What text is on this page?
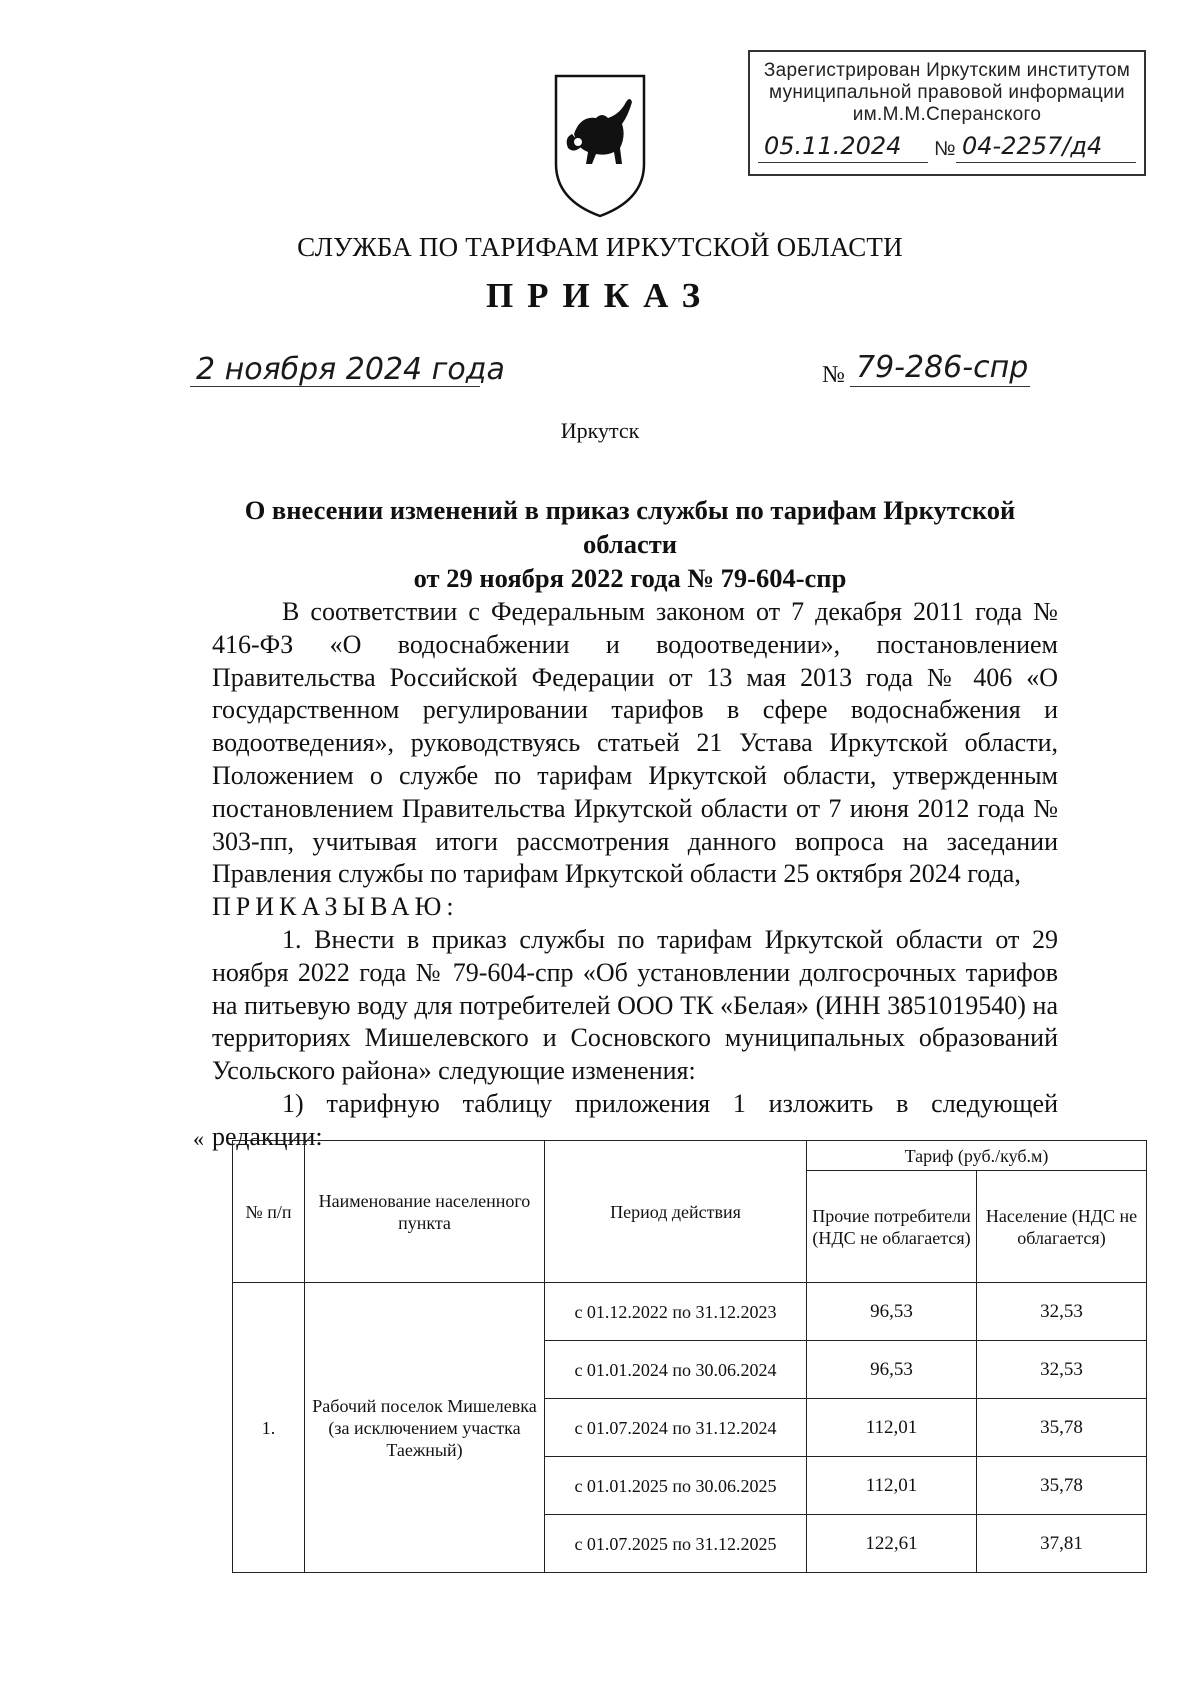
Зарегистрирован Иркутским институтом
муниципальной правовой информации
им.М.М.Сперанского
05.11.2024 № 04-2257/д4
СЛУЖБА ПО ТАРИФАМ ИРКУТСКОЙ ОБЛАСТИ
ПРИКАЗ
2 ноября 2024 года	№ 79-286-спр
Иркутск
О внесении изменений в приказ службы по тарифам Иркутской области
от 29 ноября 2022 года № 79-604-спр

В соответствии с Федеральным законом от 7 декабря 2011 года № 416-ФЗ «О водоснабжении и водоотведении», постановлением Правительства Российской Федерации от 13 мая 2013 года № 406 «О государственном регулировании тарифов в сфере водоснабжения и водоотведения», руководствуясь статьей 21 Устава Иркутской области, Положением о службе по тарифам Иркутской области, утвержденным постановлением Правительства Иркутской области от 7 июня 2012 года № 303-пп, учитывая итоги рассмотрения данного вопроса на заседании Правления службы по тарифам Иркутской области 25 октября 2024 года,

ПРИКАЗЫВАЮ:

1. Внести в приказ службы по тарифам Иркутской области от 29 ноября 2022 года № 79-604-спр «Об установлении долгосрочных тарифов на питьевую воду для потребителей ООО ТК «Белая» (ИНН 3851019540) на территориях Мишелевского и Сосновского муниципальных образований Усольского района» следующие изменения:

1) тарифную таблицу приложения 1 изложить в следующей редакции:

«
№ п/п	Наименование населенного пункта	Период действия	Тариф (руб./куб.м)	
			Прочие потребители (НДС не облагается)	Население (НДС не облагается)
1.	Рабочий поселок Мишелевка (за исключением участка Таежный)	с 01.12.2022 по 31.12.2023	96,53	32,53
		с 01.01.2024 по 30.06.2024	96,53	32,53
		с 01.07.2024 по 31.12.2024	112,01	35,78
		с 01.01.2025 по 30.06.2025	112,01	35,78
		с 01.07.2025 по 31.12.2025	122,61	37,81
